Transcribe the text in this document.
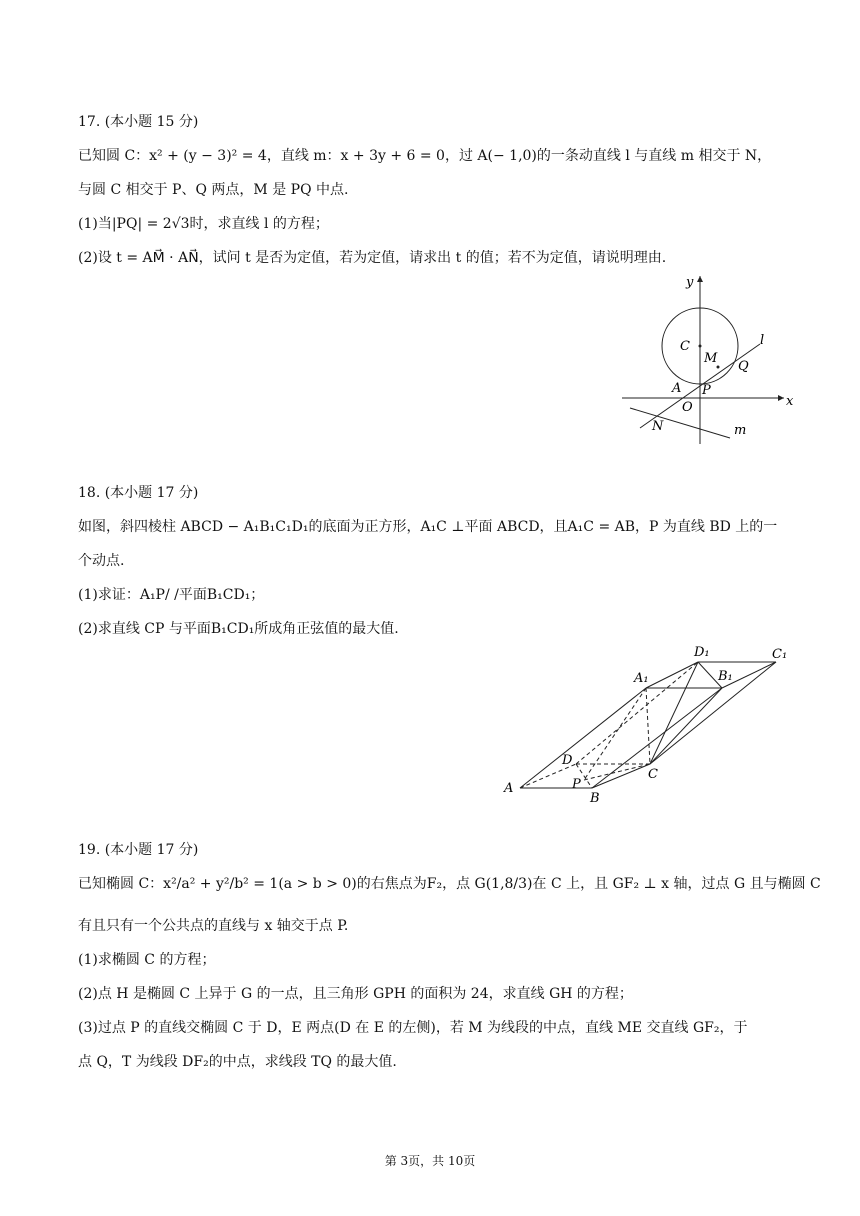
17. (本小题 15 分)
已知圆 C：x² + (y − 3)² = 4，直线 m：x + 3y + 6 = 0，过 A(− 1,0)的一条动直线 l 与直线 m 相交于 N，
与圆 C 相交于 P、Q 两点，M 是 PQ 中点.
(1)当|PQ| = 2√3时，求直线 l 的方程；
(2)设 t = AM⃗ · AN⃗，试问 t 是否为定值，若为定值，请求出 t 的值；若不为定值，请说明理由.
C
M
l
Q
A P
O	x
y
N	m
18. (本小题 17 分)
如图，斜四棱柱 ABCD − A₁B₁C₁D₁的底面为正方形，A₁C ⊥平面 ABCD，且A₁C = AB，P 为直线 BD 上的一
个动点.
(1)求证：A₁P/ /平面B₁CD₁；
(2)求直线 CP 与平面B₁CD₁所成角正弦值的最大值.
D₁	C₁
A₁	B₁
D
C
A	P
B
19. (本小题 17 分)
已知椭圆 C：x²/a² + y²/b² = 1(a > b > 0)的右焦点为F₂，点 G(1,8/3)在 C 上，且 GF₂ ⊥ x 轴，过点 G 且与椭圆 C
有且只有一个公共点的直线与 x 轴交于点 P.
(1)求椭圆 C 的方程；
(2)点 H 是椭圆 C 上异于 G 的一点，且三角形 GPH 的面积为 24，求直线 GH 的方程；
(3)过点 P 的直线交椭圆 C 于 D，E 两点(D 在 E 的左侧)，若 M 为线段的中点，直线 ME 交直线 GF₂，于
点 Q，T 为线段 DF₂的中点，求线段 TQ 的最大值.
第 3页，共 10页
